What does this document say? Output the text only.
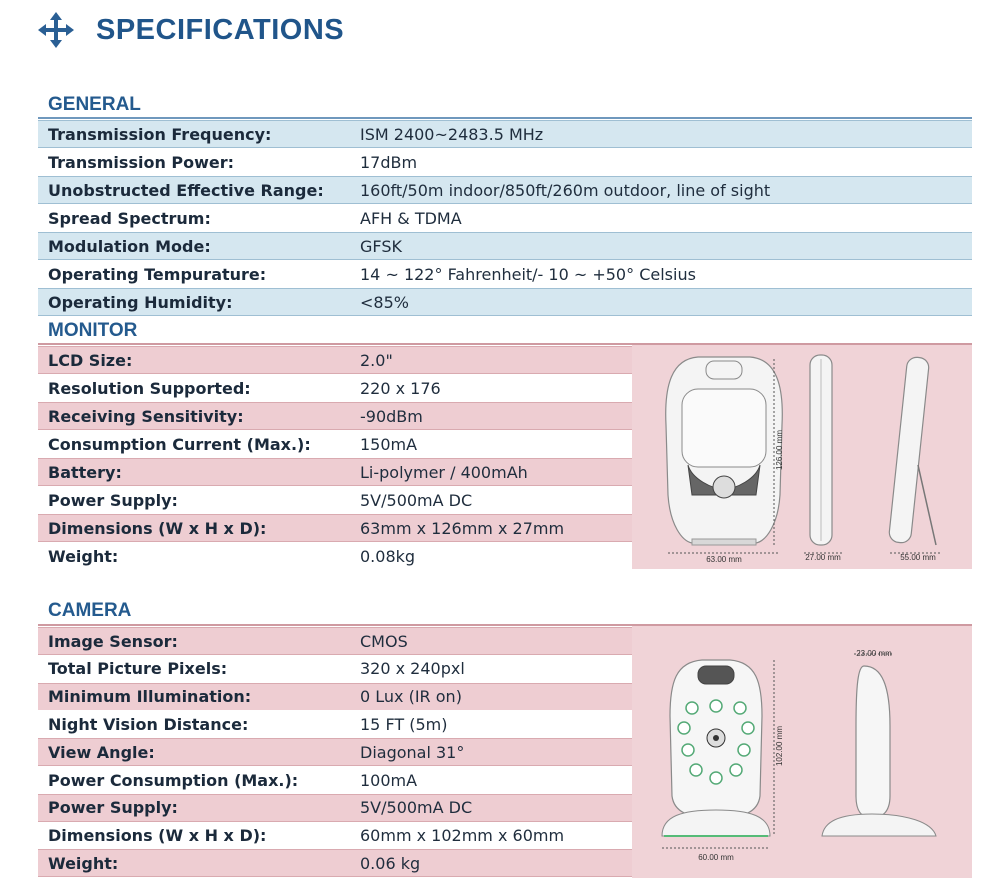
SPECIFICATIONS
GENERAL
Transmission Frequency:	ISM 2400~2483.5 MHz
Transmission Power:	17dBm
Unobstructed Effective Range: 160ft/50m indoor/850ft/260m outdoor, line of sight
Spread Spectrum:	AFH & TDMA
Modulation Mode:	GFSK
Operating Tempurature:	14 ~ 122° Fahrenheit/- 10 ~ +50° Celsius
Operating Humidity:	<85%
MONITOR
63.00 mm
126.00 mm
27.00 mm	55.00 mm
LCD Size:	2.0"
Resolution Supported:	220 x 176
Receiving Sensitivity:	-90dBm
Consumption Current (Max.):	150mA
Battery:	Li-polymer / 400mAh
Power Supply:	5V/500mA DC
Dimensions (W x H x D):	63mm x 126mm x 27mm
Weight:	0.08kg
CAMERA
60.00 mm
102.00 mm
23.00 mm
Image Sensor:	CMOS
Total Picture Pixels:	320 x 240pxl
Minimum Illumination:	0 Lux (IR on)
Night Vision Distance:	15 FT (5m)
View Angle:	Diagonal 31°
Power Consumption (Max.):	100mA
Power Supply:	5V/500mA DC
Dimensions (W x H x D):	60mm x 102mm x 60mm
Weight:	0.06 kg
